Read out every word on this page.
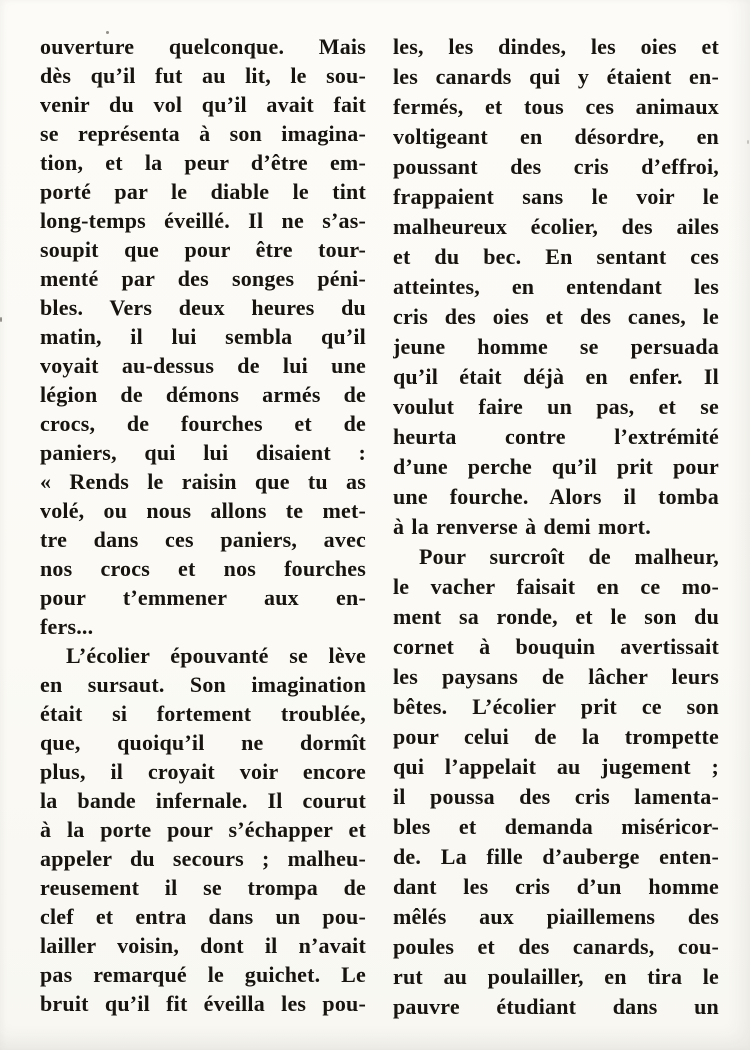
ouverture quelconque. Mais
dès qu’il fut au lit, le sou-
venir du vol qu’il avait fait
se représenta à son imagina-
tion, et la peur d’être em-
porté par le diable le tint
long-temps éveillé. Il ne s’as-
soupit que pour être tour-
menté par des songes péni-
bles. Vers deux heures du
matin, il lui sembla qu’il
voyait au-dessus de lui une
légion de démons armés de
crocs, de fourches et de
paniers, qui lui disaient :
« Rends le raisin que tu as
volé, ou nous allons te met-
tre dans ces paniers, avec
nos crocs et nos fourches
pour t’emmener aux en-
fers...
L’écolier épouvanté se lève
en sursaut. Son imagination
était si fortement troublée,
que, quoiqu’il ne dormît
plus, il croyait voir encore
la bande infernale. Il courut
à la porte pour s’échapper et
appeler du secours ; malheu-
reusement il se trompa de
clef et entra dans un pou-
lailler voisin, dont il n’avait
pas remarqué le guichet. Le
bruit qu’il fit éveilla les pou-
les, les dindes, les oies et
les canards qui y étaient en-
fermés, et tous ces animaux
voltigeant en désordre, en
poussant des cris d’effroi,
frappaient sans le voir le
malheureux écolier, des ailes
et du bec. En sentant ces
atteintes, en entendant les
cris des oies et des canes, le
jeune homme se persuada
qu’il était déjà en enfer. Il
voulut faire un pas, et se
heurta contre l’extrémité
d’une perche qu’il prit pour
une fourche. Alors il tomba
à la renverse à demi mort.
Pour surcroît de malheur,
le vacher faisait en ce mo-
ment sa ronde, et le son du
cornet à bouquin avertissait
les paysans de lâcher leurs
bêtes. L’écolier prit ce son
pour celui de la trompette
qui l’appelait au jugement ;
il poussa des cris lamenta-
bles et demanda miséricor-
de. La fille d’auberge enten-
dant les cris d’un homme
mêlés aux piaillemens des
poules et des canards, cou-
rut au poulailler, en tira le
pauvre étudiant dans un
